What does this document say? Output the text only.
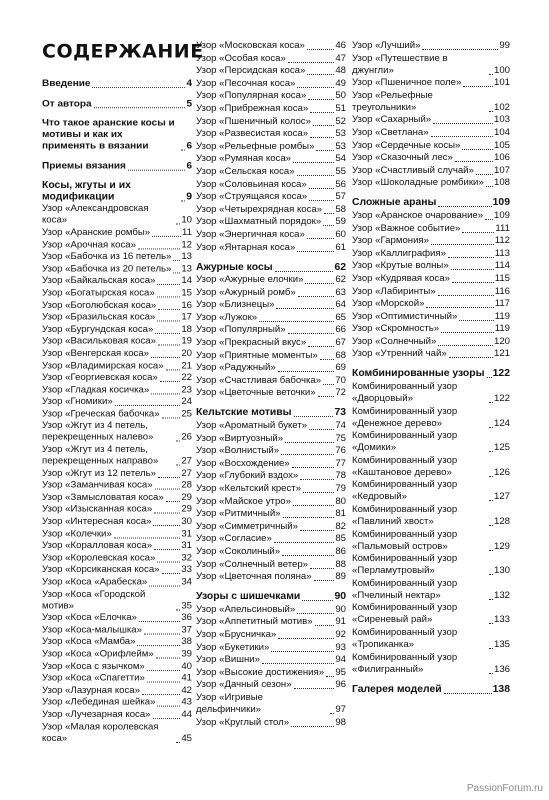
СОДЕРЖАНИЕ
Введение	4
От автора	5
Что такое аранские косы и мотивы и как их применять в вязании	6
Приемы вязания	6
Косы, жгуты и их модификации	9
Узор «Александровская коса»	10
Узор «Аранские ромбы»	11
Узор «Арочная коса»	12
Узор «Бабочка из 16 петель» 13
Узор «Бабочка из 20 петель» 13
Узор «Байкальская коса»	14
Узор «Богатырская коса»	15
Узор «Боголюбская коса»	16
Узор «Бразильская коса»	17
Узор «Бургундская коса»	18
Узор «Васильковая коса»	19
Узор «Венгерская коса»	20
Узор «Владимирская коса» 21
Узор «Георгиевская коса» 22
Узор «Гладкая косичка»	23
Узор «Гномики»	24
Узор «Греческая бабочка» 25
Узор «Жгут из 4 петель, перекрещенных налево»	26
Узор «Жгут из 4 петель, перекрещенных направо»	27
Узор «Жгут из 12 петель»	27
Узор «Заманчивая коса»	28
Узор «Замысловатая коса» 29
Узор «Изысканная коса»	29
Узор «Интересная коса»	30
Узор «Колечки»	31
Узор «Коралловая коса»	31
Узор «Королевская коса»	32
Узор «Корсиканская коса» 33
Узор «Коса «Арабеска»	34
Узор «Коса «Городской мотив»	35
Узор «Коса «Елочка»	36
Узор «Коса-малышка»	37
Узор «Коса «Мамба»	38
Узор «Коса «Орифлейм»	39
Узор «Коса с язычком»	40
Узор «Коса «Спагетти»	41
Узор «Лазурная коса»	42
Узор «Лебединая шейка»	43
Узор «Лучезарная коса»	44
Узор «Малая королевская коса»	45
Узор «Московская коса»	46
Узор «Особая коса»	47
Узор «Персидская коса»	48
Узор «Песочная коса»	49
Узор «Популярная коса»	50
Узор «Прибрежная коса»	51
Узор «Пшеничный колос»	52
Узор «Развесистая коса»	53
Узор «Рельефные ромбы» 53
Узор «Румяная коса»	54
Узор «Сельская коса»	55
Узор «Соловьиная коса»	56
Узор «Струящаяся коса»	57
Узор «Четырехрядная коса» 58
Узор «Шахматный порядок» 59
Узор «Энергичная коса»	60
Узор «Янтарная коса»	61
Ажурные косы	62
Узор «Ажурные елочки»	62
Узор «Ажурный ромб»	63
Узор «Близнецы»	64
Узор «Лужок»	65
Узор «Популярный»	66
Узор «Прекрасный вкус»	67
Узор «Приятные моменты» 68
Узор «Радужный»	69
Узор «Счастливая бабочка» 70
Узор «Цветочные веточки» 72
Кельтские мотивы	73
Узор «Ароматный букет»	74
Узор «Виртуозный»	75
Узор «Волнистый»	76
Узор «Восхождение»	77
Узор «Глубокий вздох»	78
Узор «Кельтский крест»	79
Узор «Майское утро»	80
Узор «Ритмичный»	81
Узор «Симметричный»	82
Узор «Согласие»	85
Узор «Соколиный»	86
Узор «Солнечный ветер»	88
Узор «Цветочная поляна» 89
Узоры с шишечками	90
Узор «Апельсиновый»	90
Узор «Аппетитный мотив» 91
Узор «Брусничка»	92
Узор «Букетики»	93
Узор «Вишни»	94
Узор «Высокие достижения» 95
Узор «Дачный сезон»	96
Узор «Игривые дельфинчики»	97
Узор «Круглый стол»	98
Узор «Лучший»	99
Узор «Путешествие в джунгли»	100
Узор «Пшеничное поле»	101
Узор «Рельефные треугольники»	102
Узор «Сахарный»	103
Узор «Светлана»	104
Узор «Сердечные косы»	105
Узор «Сказочный лес»	106
Узор «Счастливый случай» 107
Узор «Шоколадные ромбики» 108
Сложные араны	109
Узор «Аранское очарование» 109
Узор «Важное событие»	111
Узор «Гармония»	112
Узор «Каллиграфия»	113
Узор «Крутые волны»	114
Узор «Кудрявая коса»	115
Узор «Лабиринты»	116
Узор «Морской»	117
Узор «Оптимистичный»	119
Узор «Скромность»	119
Узор «Солнечный»	120
Узор «Утренний чай»	121
Комбинированные узоры 122
Комбинированный узор «Дворцовый»	122
Комбинированный узор «Денежное дерево»	124
Комбинированный узор «Домики»	125
Комбинированный узор «Каштановое дерево»	126
Комбинированный узор «Кедровый»	127
Комбинированный узор «Павлиний хвост»	128
Комбинированный узор «Пальмовый остров»	129
Комбинированный узор «Перламутровый»	130
Комбинированный узор «Пчелиный нектар»	132
Комбинированный узор «Сиреневый рай»	133
Комбинированный узор «Тропиканка»	135
Комбинированный узор «Филигранный»	136
Галерея моделей	138
PassionForum.ru
